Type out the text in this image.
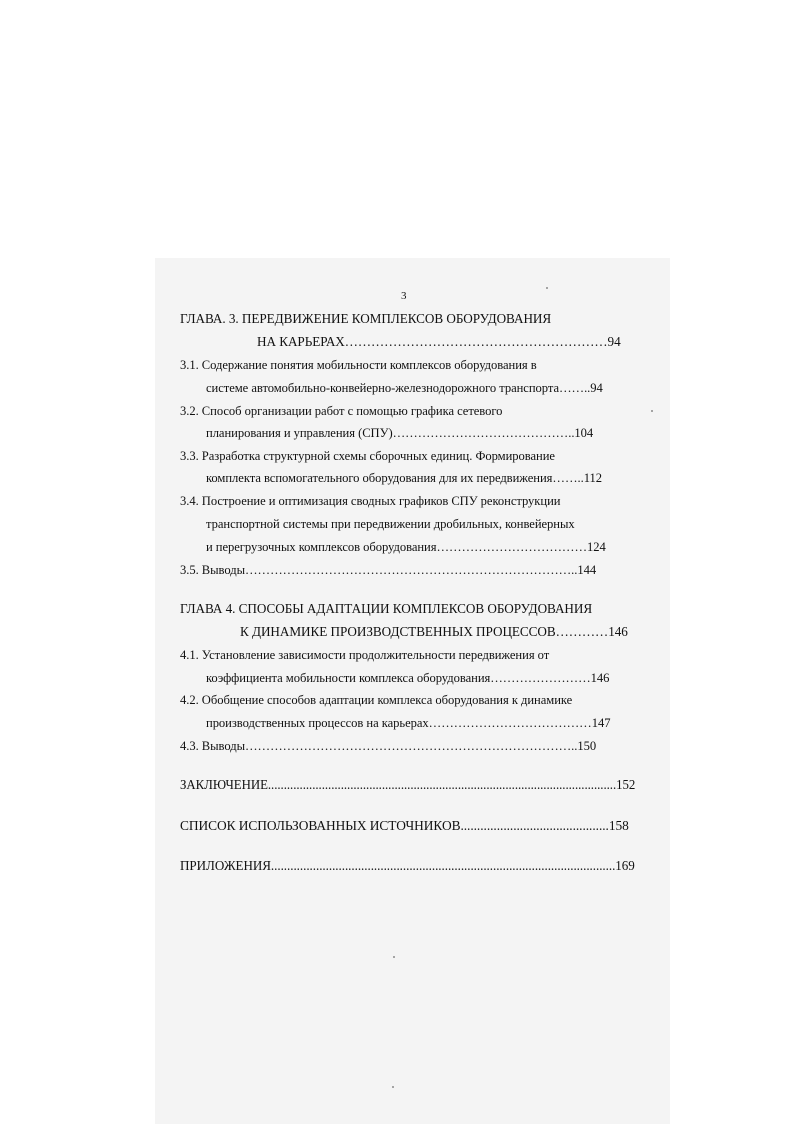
3
ГЛАВА. 3. ПЕРЕДВИЖЕНИЕ КОМПЛЕКСОВ ОБОРУДОВАНИЯ
НА КАРЬЕРАХ……………………………………………………94
3.1. Содержание понятия мобильности комплексов оборудования в
системе автомобильно-конвейерно-железнодорожного транспорта……..94
3.2. Способ организации работ с помощью графика сетевого
планирования и управления (СПУ)……………………………………..104
3.3. Разработка структурной схемы сборочных единиц. Формирование
комплекта вспомогательного оборудования для их передвижения……..112
3.4. Построение и оптимизация сводных графиков СПУ реконструкции
транспортной системы при передвижении дробильных, конвейерных
и перегрузочных комплексов оборудования………………………………124
3.5. Выводы……………………………………………………………………..144
ГЛАВА 4. СПОСОБЫ АДАПТАЦИИ КОМПЛЕКСОВ ОБОРУДОВАНИЯ
К ДИНАМИКЕ ПРОИЗВОДСТВЕННЫХ ПРОЦЕССОВ…………146
4.1. Установление зависимости продолжительности передвижения от
коэффициента мобильности комплекса оборудования……………………146
4.2. Обобщение способов адаптации комплекса оборудования к динамике
производственных процессов на карьерах…………………………………147
4.3. Выводы……………………………………………………………………..150
ЗАКЛЮЧЕНИЕ..............................................................................................................152
СПИСОК ИСПОЛЬЗОВАННЫХ ИСТОЧНИКОВ.............................................158
ПРИЛОЖЕНИЯ...........................................................................................................169
